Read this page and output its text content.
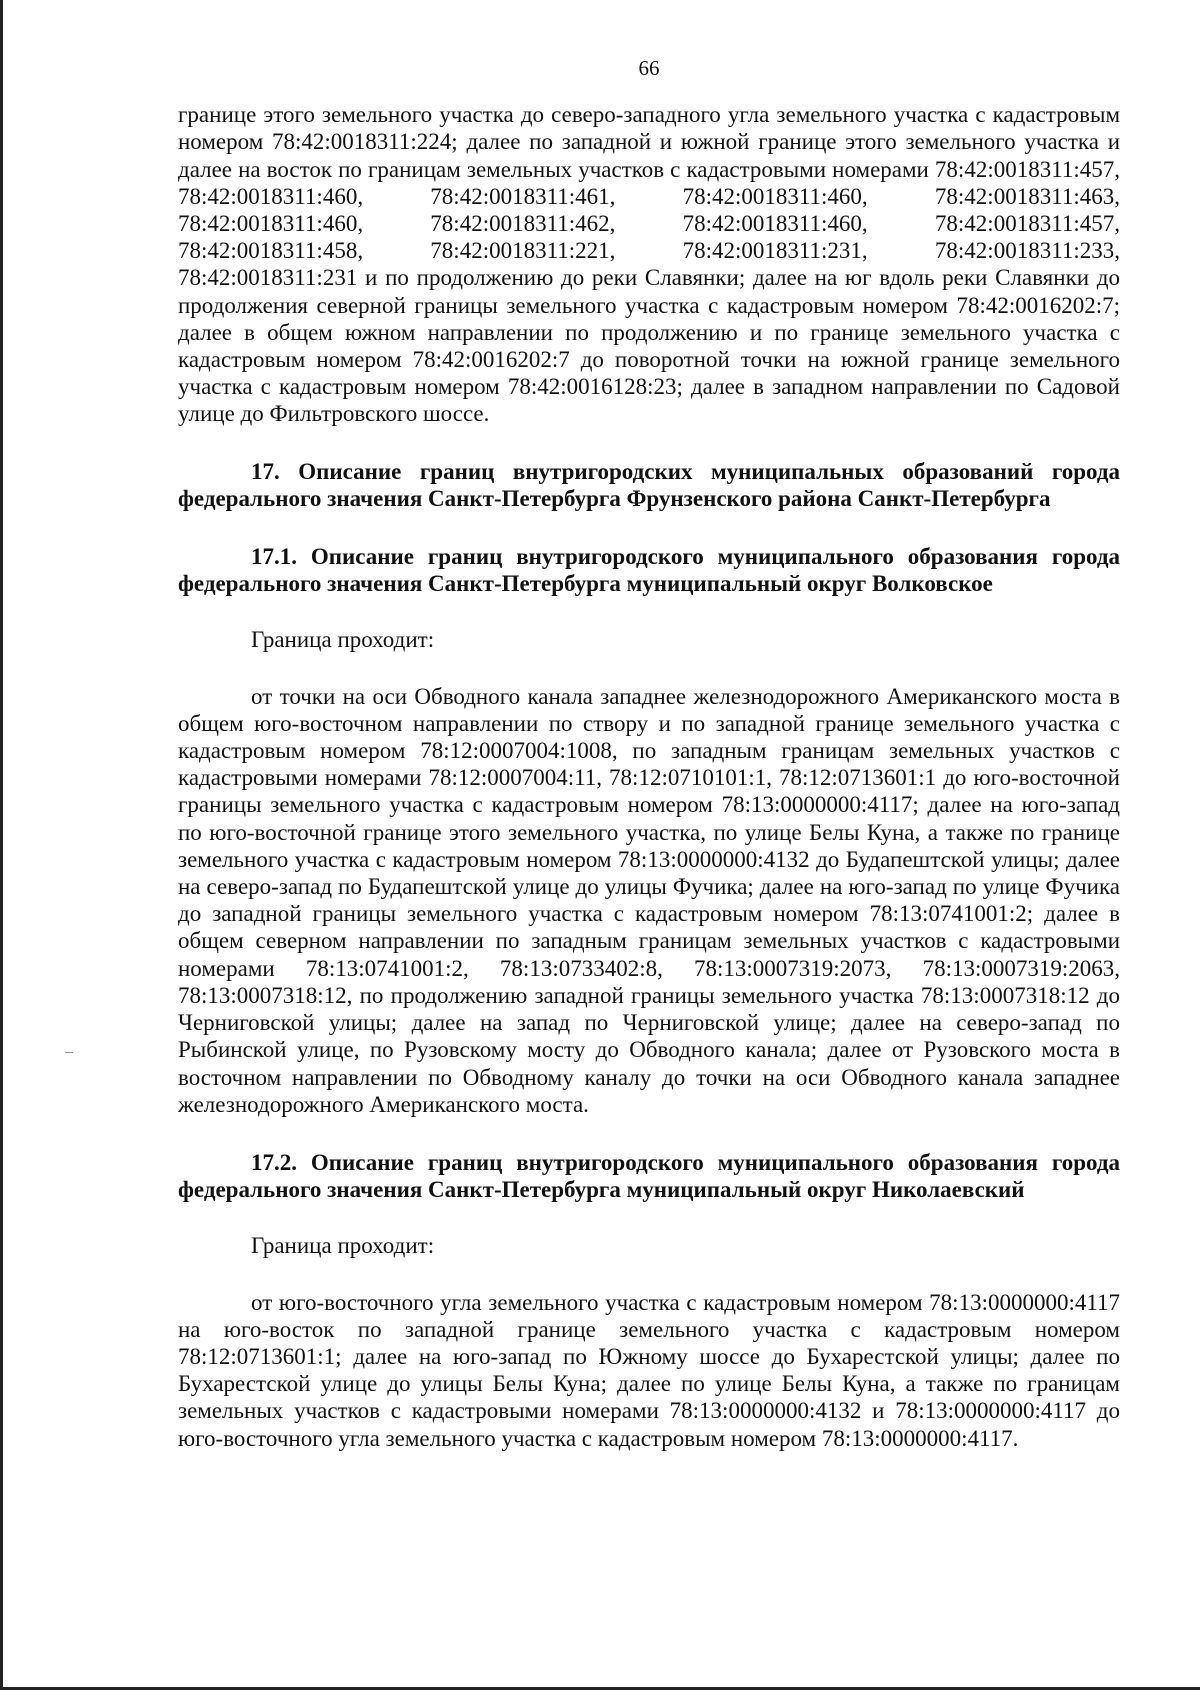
66

границе этого земельного участка до северо-западного угла земельного участка с кадастровым номером 78:42:0018311:224; далее по западной и южной границе этого земельного участка и далее на восток по границам земельных участков с кадастровыми номерами 78:42:0018311:457, 78:42:0018311:460, 78:42:0018311:461, 78:42:0018311:460, 78:42:0018311:463, 78:42:0018311:460, 78:42:0018311:462, 78:42:0018311:460, 78:42:0018311:457, 78:42:0018311:458, 78:42:0018311:221, 78:42:0018311:231, 78:42:0018311:233, 78:42:0018311:231 и по продолжению до реки Славянки; далее на юг вдоль реки Славянки до продолжения северной границы земельного участка с кадастровым номером 78:42:0016202:7; далее в общем южном направлении по продолжению и по границе земельного участка с кадастровым номером 78:42:0016202:7 до поворотной точки на южной границе земельного участка с кадастровым номером 78:42:0016128:23; далее в западном направлении по Садовой улице до Фильтровского шоссе.

17. Описание границ внутригородских муниципальных образований города федерального значения Санкт-Петербурга Фрунзенского района Санкт-Петербурга

17.1. Описание границ внутригородского муниципального образования города федерального значения Санкт-Петербурга муниципальный округ Волковское

Граница проходит:

от точки на оси Обводного канала западнее железнодорожного Американского моста в общем юго-восточном направлении по створу и по западной границе земельного участка с кадастровым номером 78:12:0007004:1008, по западным границам земельных участков с кадастровыми номерами 78:12:0007004:11, 78:12:0710101:1, 78:12:0713601:1 до юго-восточной границы земельного участка с кадастровым номером 78:13:0000000:4117; далее на юго-запад по юго-восточной границе этого земельного участка, по улице Белы Куна, а также по границе земельного участка с кадастровым номером 78:13:0000000:4132 до Будапештской улицы; далее на северо-запад по Будапештской улице до улицы Фучика; далее на юго-запад по улице Фучика до западной границы земельного участка с кадастровым номером 78:13:0741001:2; далее в общем северном направлении по западным границам земельных участков с кадастровыми номерами 78:13:0741001:2, 78:13:0733402:8, 78:13:0007319:2073, 78:13:0007319:2063, 78:13:0007318:12, по продолжению западной границы земельного участка 78:13:0007318:12 до Черниговской улицы; далее на запад по Черниговской улице; далее на северо-запад по Рыбинской улице, по Рузовскому мосту до Обводного канала; далее от Рузовского моста в восточном направлении по Обводному каналу до точки на оси Обводного канала западнее железнодорожного Американского моста.

17.2. Описание границ внутригородского муниципального образования города федерального значения Санкт-Петербурга муниципальный округ Николаевский

Граница проходит:

от юго-восточного угла земельного участка с кадастровым номером 78:13:0000000:4117 на юго-восток по западной границе земельного участка с кадастровым номером 78:12:0713601:1; далее на юго-запад по Южному шоссе до Бухарестской улицы; далее по Бухарестской улице до улицы Белы Куна; далее по улице Белы Куна, а также по границам земельных участков с кадастровыми номерами 78:13:0000000:4132 и 78:13:0000000:4117 до юго-восточного угла земельного участка с кадастровым номером 78:13:0000000:4117.
